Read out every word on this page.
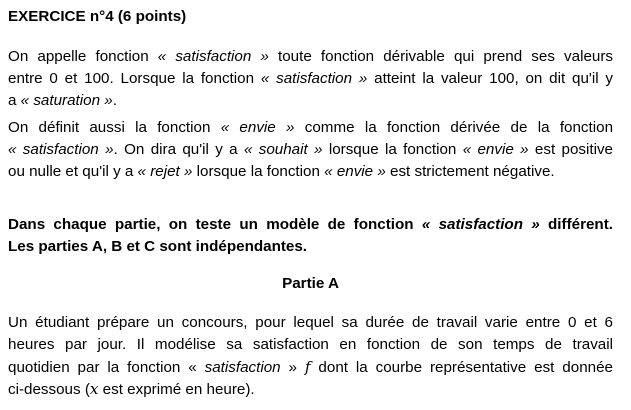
EXERCICE n°4 (6 points)
On appelle fonction « satisfaction » toute fonction dérivable qui prend ses valeurs
entre 0 et 100. Lorsque la fonction « satisfaction » atteint la valeur 100, on dit qu'il y
a « saturation ».
On définit aussi la fonction « envie » comme la fonction dérivée de la fonction
« satisfaction ». On dira qu'il y a « souhait » lorsque la fonction « envie » est positive
ou nulle et qu'il y a « rejet » lorsque la fonction « envie » est strictement négative.
Dans chaque partie, on teste un modèle de fonction « satisfaction » différent.
Les parties A, B et C sont indépendantes.
Partie A
Un étudiant prépare un concours, pour lequel sa durée de travail varie entre 0 et 6
heures par jour. Il modélise sa satisfaction en fonction de son temps de travail
quotidien par la fonction « satisfaction » f dont la courbe représentative est donnée
ci-dessous (x est exprimé en heure).
